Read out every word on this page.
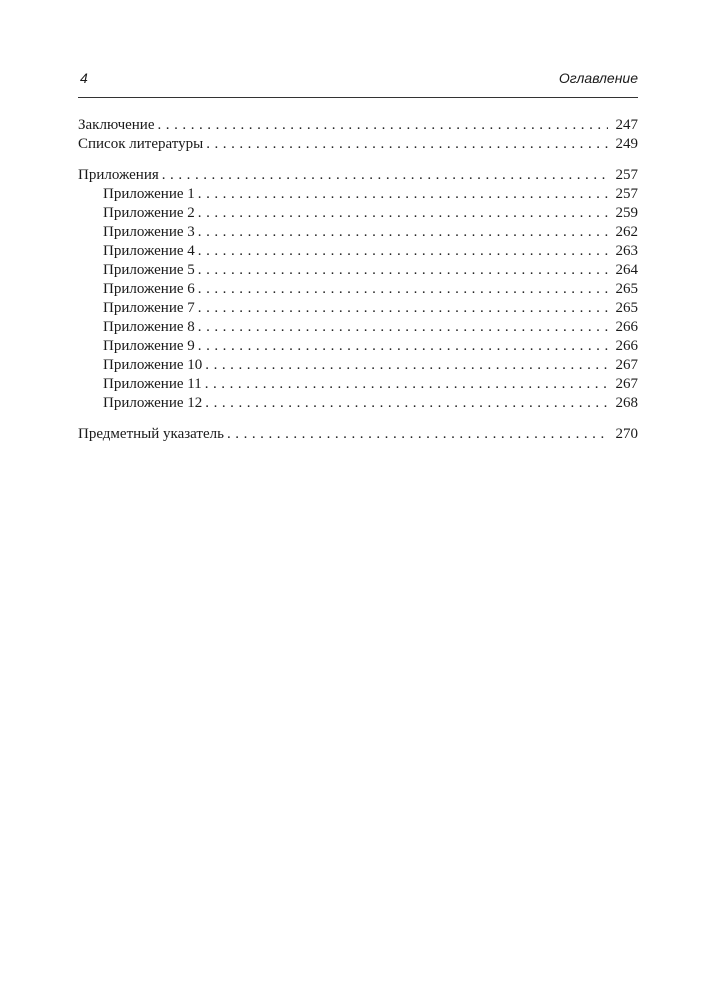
4	Оглавление
Заключение . . .	247
Список литературы . . .	249
Приложения . . .	257
Приложение 1 . . .	257
Приложение 2 . . .	259
Приложение 3 . . .	262
Приложение 4 . . .	263
Приложение 5 . . .	264
Приложение 6 . . .	265
Приложение 7 . . .	265
Приложение 8 . . .	266
Приложение 9 . . .	266
Приложение 10 . . .	267
Приложение 11 . . .	267
Приложение 12 . . .	268
Предметный указатель . . .	270
